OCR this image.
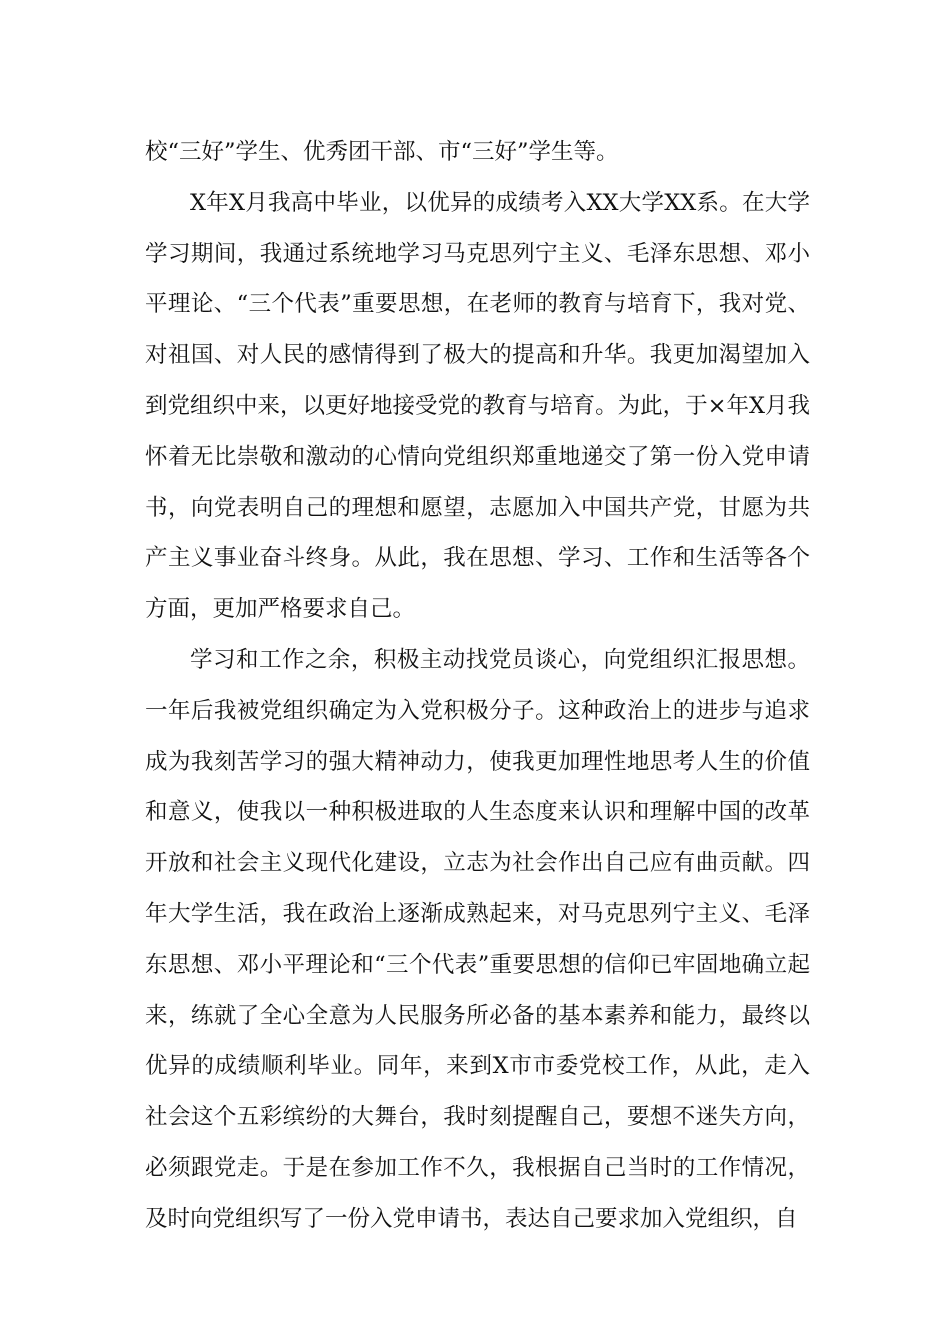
校“三好”学生、优秀团干部、市“三好”学生等。

X年X月我高中毕业，以优异的成绩考入XX大学XX系。在大学学习期间，我通过系统地学习马克思列宁主义、毛泽东思想、邓小平理论、“三个代表”重要思想，在老师的教育与培育下，我对党、对祖国、对人民的感情得到了极大的提高和升华。我更加渴望加入到党组织中来，以更好地接受党的教育与培育。为此，于×年X月我怀着无比崇敬和激动的心情向党组织郑重地递交了第一份入党申请书，向党表明自己的理想和愿望，志愿加入中国共产党，甘愿为共产主义事业奋斗终身。从此，我在思想、学习、工作和生活等各个方面，更加严格要求自己。

学习和工作之余，积极主动找党员谈心，向党组织汇报思想。一年后我被党组织确定为入党积极分子。这种政治上的进步与追求成为我刻苦学习的强大精神动力，使我更加理性地思考人生的价值和意义，使我以一种积极进取的人生态度来认识和理解中国的改革开放和社会主义现代化建设，立志为社会作出自己应有曲贡献。四年大学生活，我在政治上逐渐成熟起来，对马克思列宁主义、毛泽东思想、邓小平理论和“三个代表”重要思想的信仰已牢固地确立起来，练就了全心全意为人民服务所必备的基本素养和能力，最终以优异的成绩顺利毕业。同年，来到X市市委党校工作，从此，走入社会这个五彩缤纷的大舞台，我时刻提醒自己，要想不迷失方向，必须跟党走。于是在参加工作不久，我根据自己当时的工作情况，及时向党组织写了一份入党申请书，表达自己要求加入党组织，自
